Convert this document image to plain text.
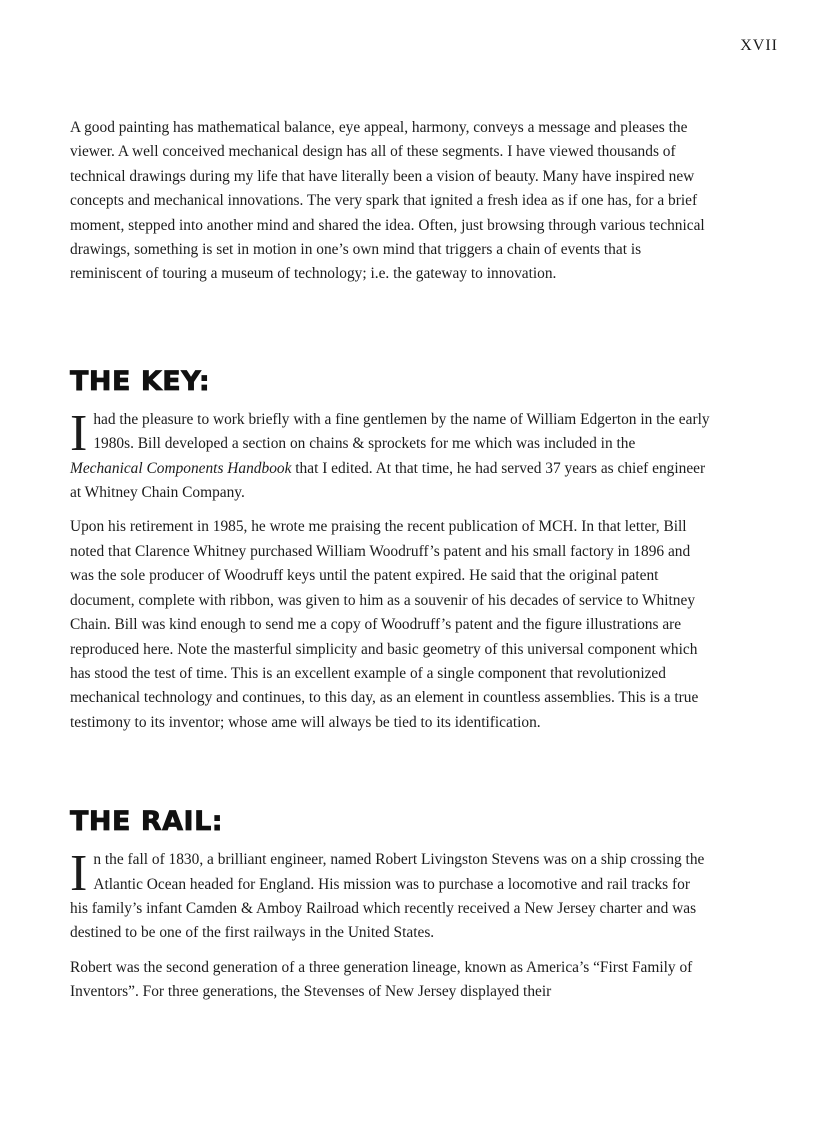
XVII

A good painting has mathematical balance, eye appeal, harmony, conveys a message and pleases the viewer. A well conceived mechanical design has all of these segments. I have viewed thousands of technical drawings during my life that have literally been a vision of beauty. Many have inspired new concepts and mechanical innovations. The very spark that ignited a fresh idea as if one has, for a brief moment, stepped into another mind and shared the idea. Often, just browsing through various technical drawings, something is set in motion in one’s own mind that triggers a chain of events that is reminiscent of touring a museum of technology; i.e. the gateway to innovation.

THE KEY:

I had the pleasure to work briefly with a fine gentlemen by the name of William Edgerton in the early 1980s. Bill developed a section on chains & sprockets for me which was included in the Mechanical Components Handbook that I edited. At that time, he had served 37 years as chief engineer at Whitney Chain Company.

Upon his retirement in 1985, he wrote me praising the recent publication of MCH. In that letter, Bill noted that Clarence Whitney purchased William Woodruff’s patent and his small factory in 1896 and was the sole producer of Woodruff keys until the patent expired. He said that the original patent document, complete with ribbon, was given to him as a souvenir of his decades of service to Whitney Chain. Bill was kind enough to send me a copy of Woodruff’s patent and the figure illustrations are reproduced here. Note the masterful simplicity and basic geometry of this universal component which has stood the test of time. This is an excellent example of a single component that revolutionized mechanical technology and continues, to this day, as an element in countless assemblies. This is a true testimony to its inventor; whose ame will always be tied to its identification.

THE RAIL:

In the fall of 1830, a brilliant engineer, named Robert Livingston Stevens was on a ship crossing the Atlantic Ocean headed for England. His mission was to purchase a locomotive and rail tracks for his family’s infant Camden & Amboy Railroad which recently received a New Jersey charter and was destined to be one of the first railways in the United States.

Robert was the second generation of a three generation lineage, known as America’s “First Family of Inventors”. For three generations, the Stevenses of New Jersey displayed their
